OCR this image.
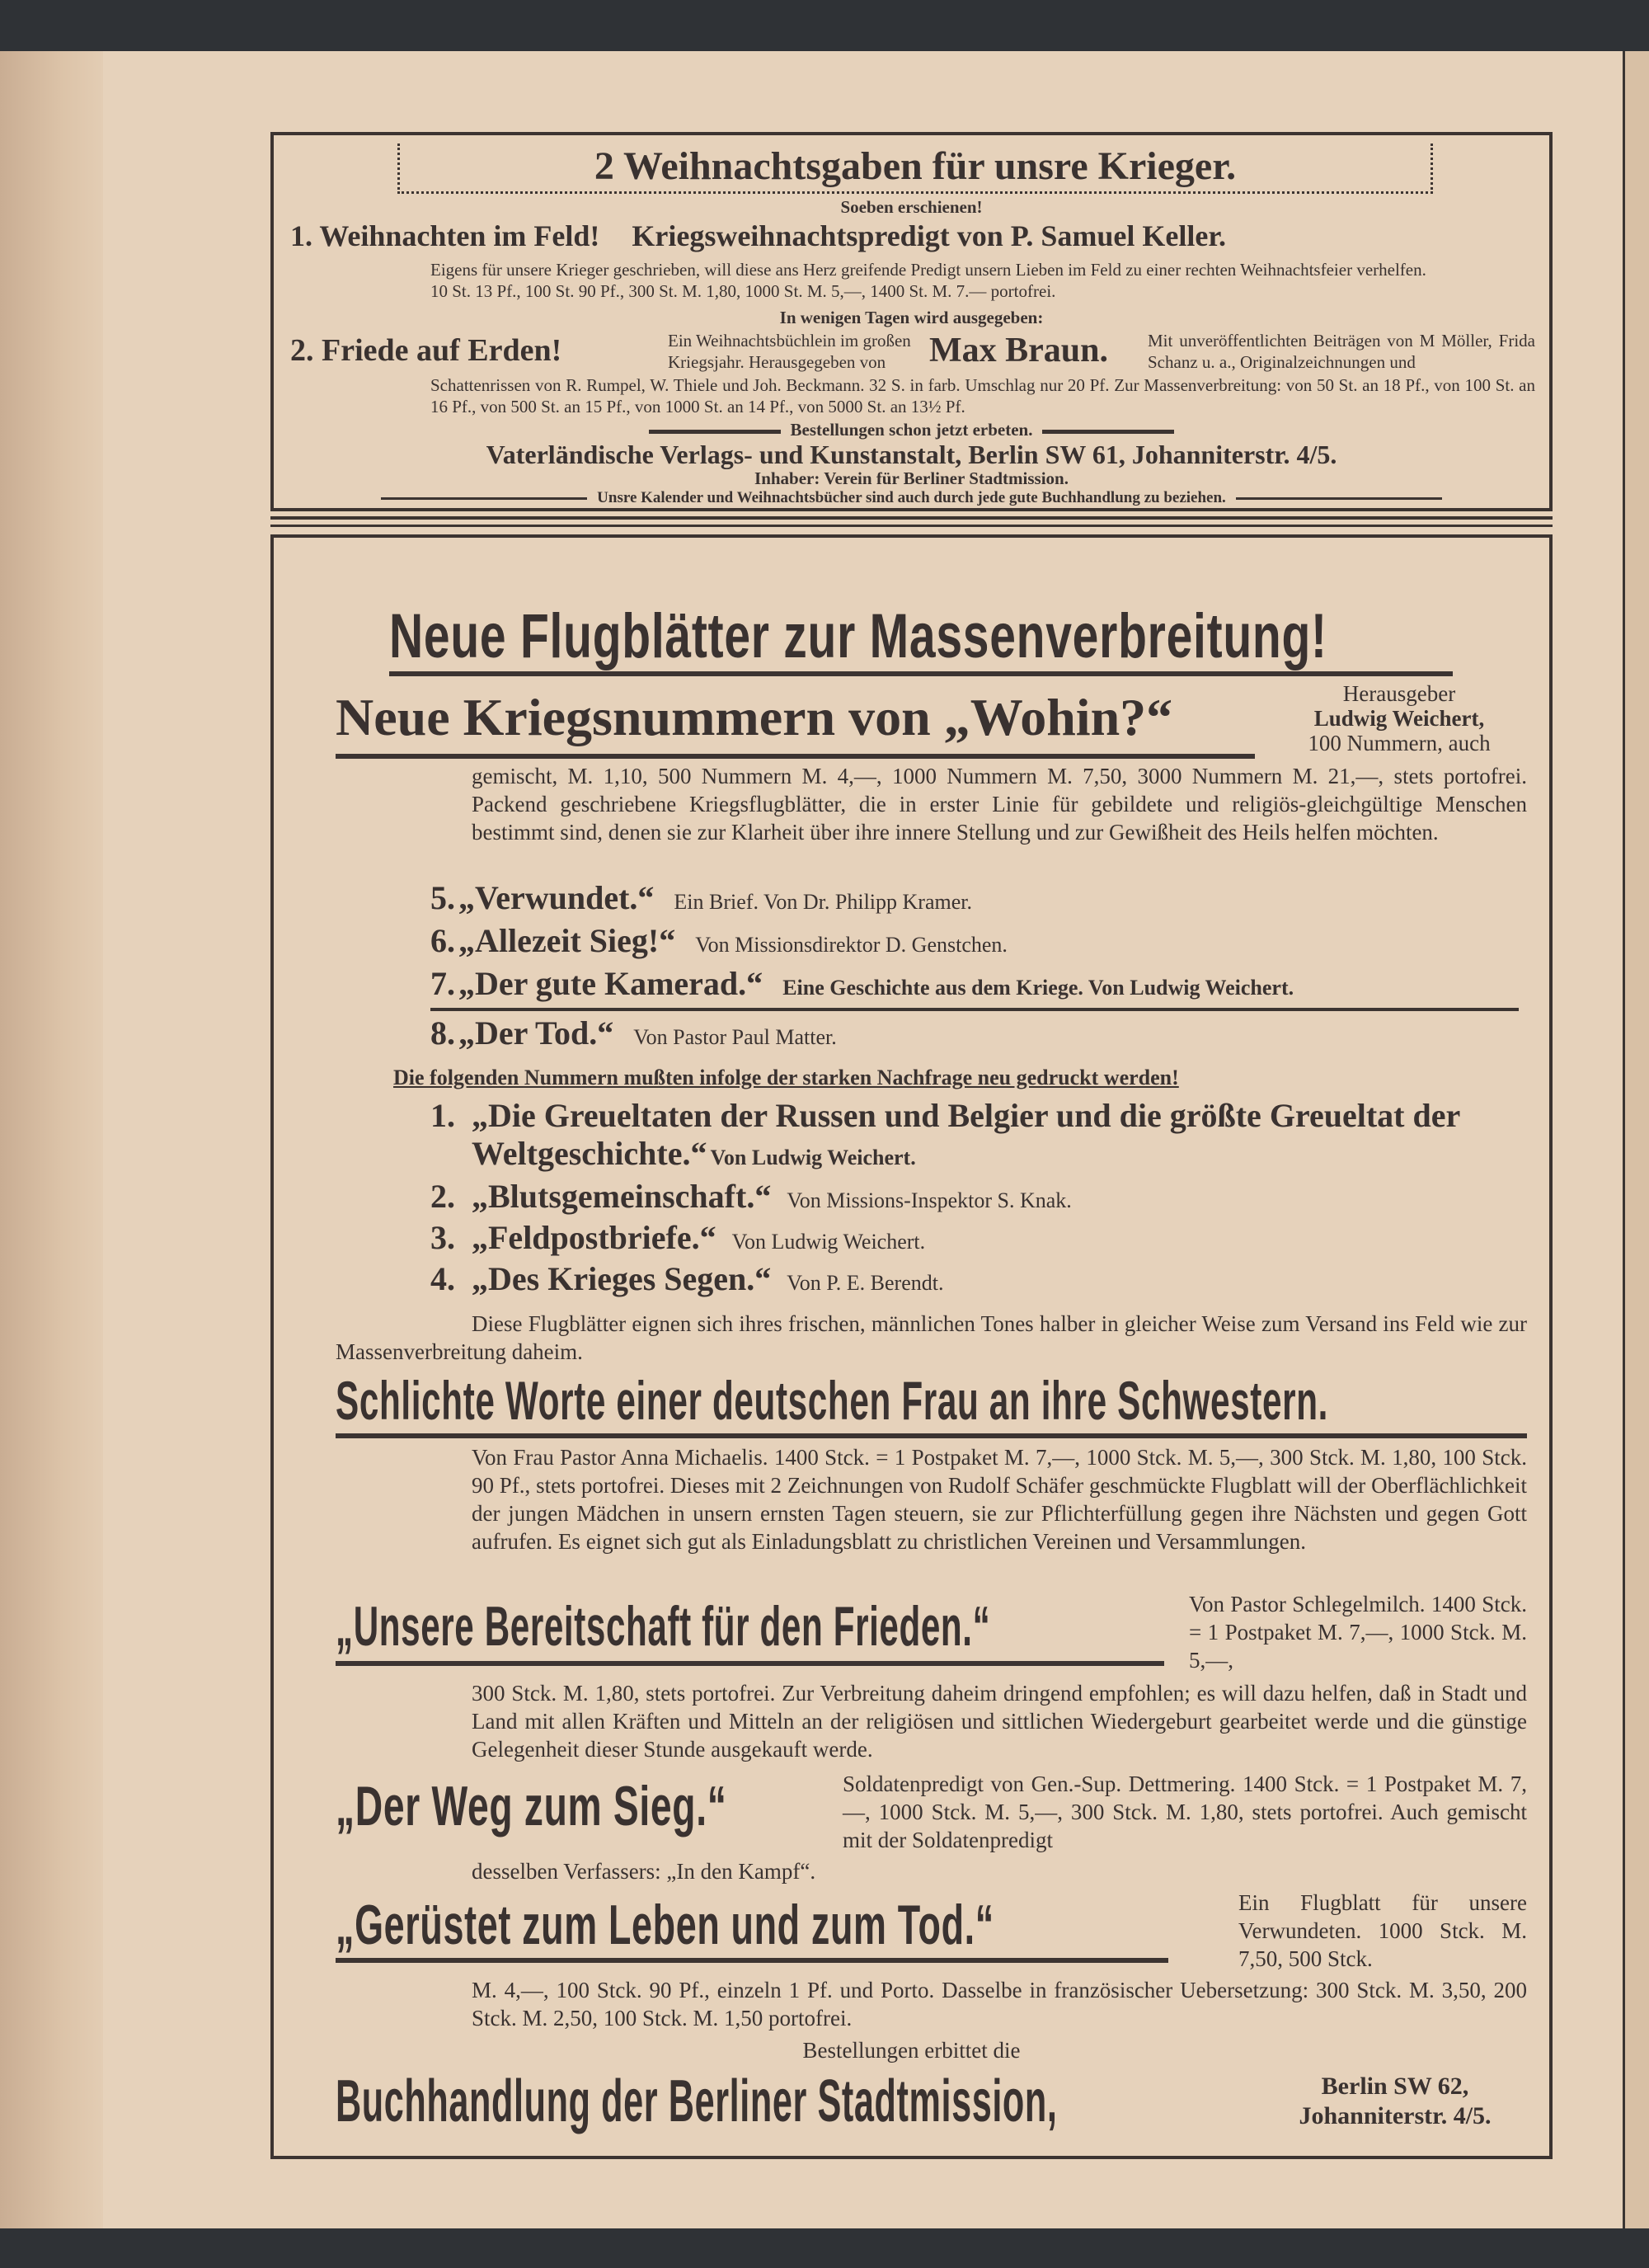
2 Weihnachtsgaben für unsre Krieger.
Soeben erschienen!
1. Weihnachten im Feld! Kriegsweihnachtspredigt von P. Samuel Keller.
Eigens für unsere Krieger geschrieben, will diese ans Herz greifende Predigt unsern Lieben im Feld zu einer rechten Weihnachtsfeier verhelfen.
10 St. 13 Pf., 100 St. 90 Pf., 300 St. M. 1,80, 1000 St. M. 5,—, 1400 St. M. 7.— portofrei.
In wenigen Tagen wird ausgegeben:
2. Friede auf Erden!	Ein Weihnachtsbüchlein im großen Kriegsjahr. Herausgegeben von	Max Braun. Mit unveröffentlichten Beiträgen von M Möller, Frida Schanz u. a., Originalzeichnungen und
Schattenrissen von R. Rumpel, W. Thiele und Joh. Beckmann. 32 S. in farb. Umschlag nur 20 Pf. Zur Massenverbreitung: von 50 St. an 18 Pf., von 100 St. an 16 Pf., von 500 St. an 15 Pf., von 1000 St. an 14 Pf., von 5000 St. an 13½ Pf.
Bestellungen schon jetzt erbeten.
Vaterländische Verlags- und Kunstanstalt, Berlin SW 61, Johanniterstr. 4/5.
Inhaber: Verein für Berliner Stadtmission.
Unsre Kalender und Weihnachtsbücher sind auch durch jede gute Buchhandlung zu beziehen.
Neue Flugblätter zur Massenverbreitung!
Neue Kriegsnummern von „Wohin?“	Herausgeber
Ludwig Weichert,
100 Nummern, auch
gemischt, M. 1,10, 500 Nummern M. 4,—, 1000 Nummern M. 7,50, 3000 Nummern M. 21,—, stets portofrei. Packend geschriebene Kriegsflugblätter, die in erster Linie für gebildete und religiös-gleichgültige Menschen bestimmt sind, denen sie zur Klarheit über ihre innere Stellung und zur Gewißheit des Heils helfen möchten.
5. „Verwundet.“ Ein Brief. Von Dr. Philipp Kramer.
6. „Allezeit Sieg!“ Von Missionsdirektor D. Genstchen.
7. „Der gute Kamerad.“ Eine Geschichte aus dem Kriege. Von Ludwig Weichert.
8. „Der Tod.“ Von Pastor Paul Matter.
Die folgenden Nummern mußten infolge der starken Nachfrage neu gedruckt werden!
1. „Die Greueltaten der Russen und Belgier und die größte Greueltat der Weltgeschichte.“ Von Ludwig Weichert.
2. „Blutsgemeinschaft.“ Von Missions-Inspektor S. Knak.
3. „Feldpostbriefe.“ Von Ludwig Weichert.
4. „Des Krieges Segen.“ Von P. E. Berendt.
Diese Flugblätter eignen sich ihres frischen, männlichen Tones halber in gleicher Weise zum Versand ins Feld wie zur Massenverbreitung daheim.
Schlichte Worte einer deutschen Frau an ihre Schwestern.
Von Frau Pastor Anna Michaelis. 1400 Stck. = 1 Postpaket M. 7,—, 1000 Stck. M. 5,—, 300 Stck. M. 1,80, 100 Stck. 90 Pf., stets portofrei. Dieses mit 2 Zeichnungen von Rudolf Schäfer geschmückte Flugblatt will der Oberflächlichkeit der jungen Mädchen in unsern ernsten Tagen steuern, sie zur Pflichterfüllung gegen ihre Nächsten und gegen Gott aufrufen. Es eignet sich gut als Einladungsblatt zu christlichen Vereinen und Versammlungen.
„Unsere Bereitschaft für den Frieden.“	Von Pastor Schlegelmilch. 1400 Stck. = 1 Postpaket M. 7,—, 1000 Stck. M. 5,—,
300 Stck. M. 1,80, stets portofrei. Zur Verbreitung daheim dringend empfohlen; es will dazu helfen, daß in Stadt und Land mit allen Kräften und Mitteln an der religiösen und sittlichen Wiedergeburt gearbeitet werde und die günstige Gelegenheit dieser Stunde ausgekauft werde.
„Der Weg zum Sieg.“	Soldatenpredigt von Gen.-Sup. Dettmering. 1400 Stck. = 1 Postpaket M. 7,—, 1000 Stck. M. 5,—, 300 Stck. M. 1,80, stets portofrei. Auch gemischt mit der Soldatenpredigt
desselben Verfassers: „In den Kampf“.
„Gerüstet zum Leben und zum Tod.“	Ein Flugblatt für unsere Verwundeten. 1000 Stck. M. 7,50, 500 Stck.
M. 4,—, 100 Stck. 90 Pf., einzeln 1 Pf. und Porto. Dasselbe in französischer Uebersetzung: 300 Stck. M. 3,50, 200 Stck. M. 2,50, 100 Stck. M. 1,50 portofrei.
Bestellungen erbittet die
Buchhandlung der Berliner Stadtmission,	Berlin SW 62,
Johanniterstr. 4/5.
